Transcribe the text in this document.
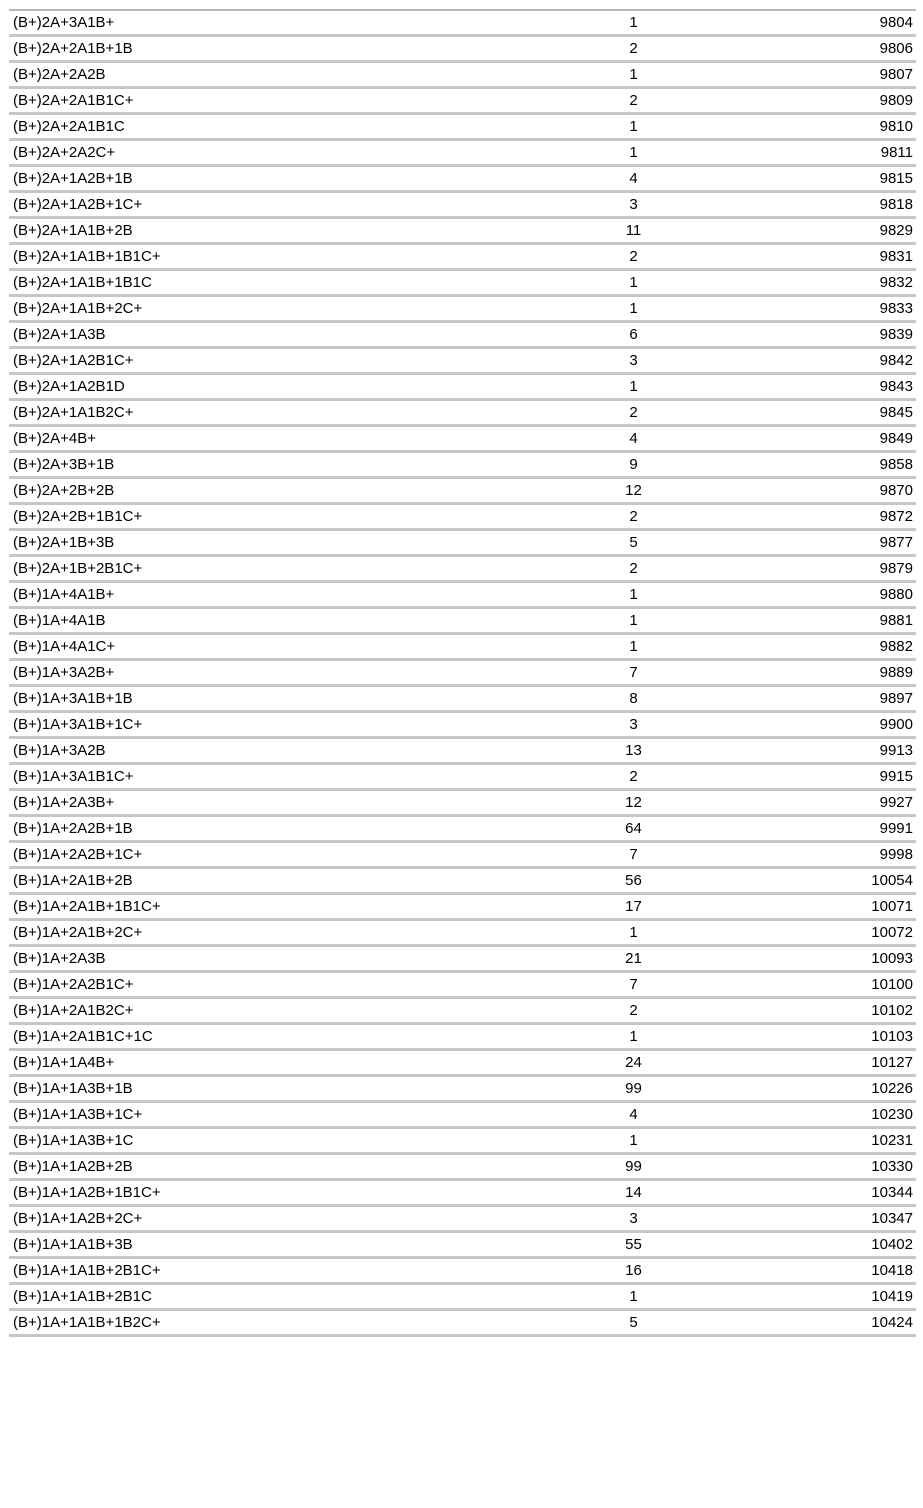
(B+)2A+3A1B+	1	9804
(B+)2A+2A1B+1B	2	9806
(B+)2A+2A2B	1	9807
(B+)2A+2A1B1C+	2	9809
(B+)2A+2A1B1C	1	9810
(B+)2A+2A2C+	1	9811
(B+)2A+1A2B+1B	4	9815
(B+)2A+1A2B+1C+	3	9818
(B+)2A+1A1B+2B	11	9829
(B+)2A+1A1B+1B1C+	2	9831
(B+)2A+1A1B+1B1C	1	9832
(B+)2A+1A1B+2C+	1	9833
(B+)2A+1A3B	6	9839
(B+)2A+1A2B1C+	3	9842
(B+)2A+1A2B1D	1	9843
(B+)2A+1A1B2C+	2	9845
(B+)2A+4B+	4	9849
(B+)2A+3B+1B	9	9858
(B+)2A+2B+2B	12	9870
(B+)2A+2B+1B1C+	2	9872
(B+)2A+1B+3B	5	9877
(B+)2A+1B+2B1C+	2	9879
(B+)1A+4A1B+	1	9880
(B+)1A+4A1B	1	9881
(B+)1A+4A1C+	1	9882
(B+)1A+3A2B+	7	9889
(B+)1A+3A1B+1B	8	9897
(B+)1A+3A1B+1C+	3	9900
(B+)1A+3A2B	13	9913
(B+)1A+3A1B1C+	2	9915
(B+)1A+2A3B+	12	9927
(B+)1A+2A2B+1B	64	9991
(B+)1A+2A2B+1C+	7	9998
(B+)1A+2A1B+2B	56	10054
(B+)1A+2A1B+1B1C+	17	10071
(B+)1A+2A1B+2C+	1	10072
(B+)1A+2A3B	21	10093
(B+)1A+2A2B1C+	7	10100
(B+)1A+2A1B2C+	2	10102
(B+)1A+2A1B1C+1C	1	10103
(B+)1A+1A4B+	24	10127
(B+)1A+1A3B+1B	99	10226
(B+)1A+1A3B+1C+	4	10230
(B+)1A+1A3B+1C	1	10231
(B+)1A+1A2B+2B	99	10330
(B+)1A+1A2B+1B1C+	14	10344
(B+)1A+1A2B+2C+	3	10347
(B+)1A+1A1B+3B	55	10402
(B+)1A+1A1B+2B1C+	16	10418
(B+)1A+1A1B+2B1C	1	10419
(B+)1A+1A1B+1B2C+	5	10424
